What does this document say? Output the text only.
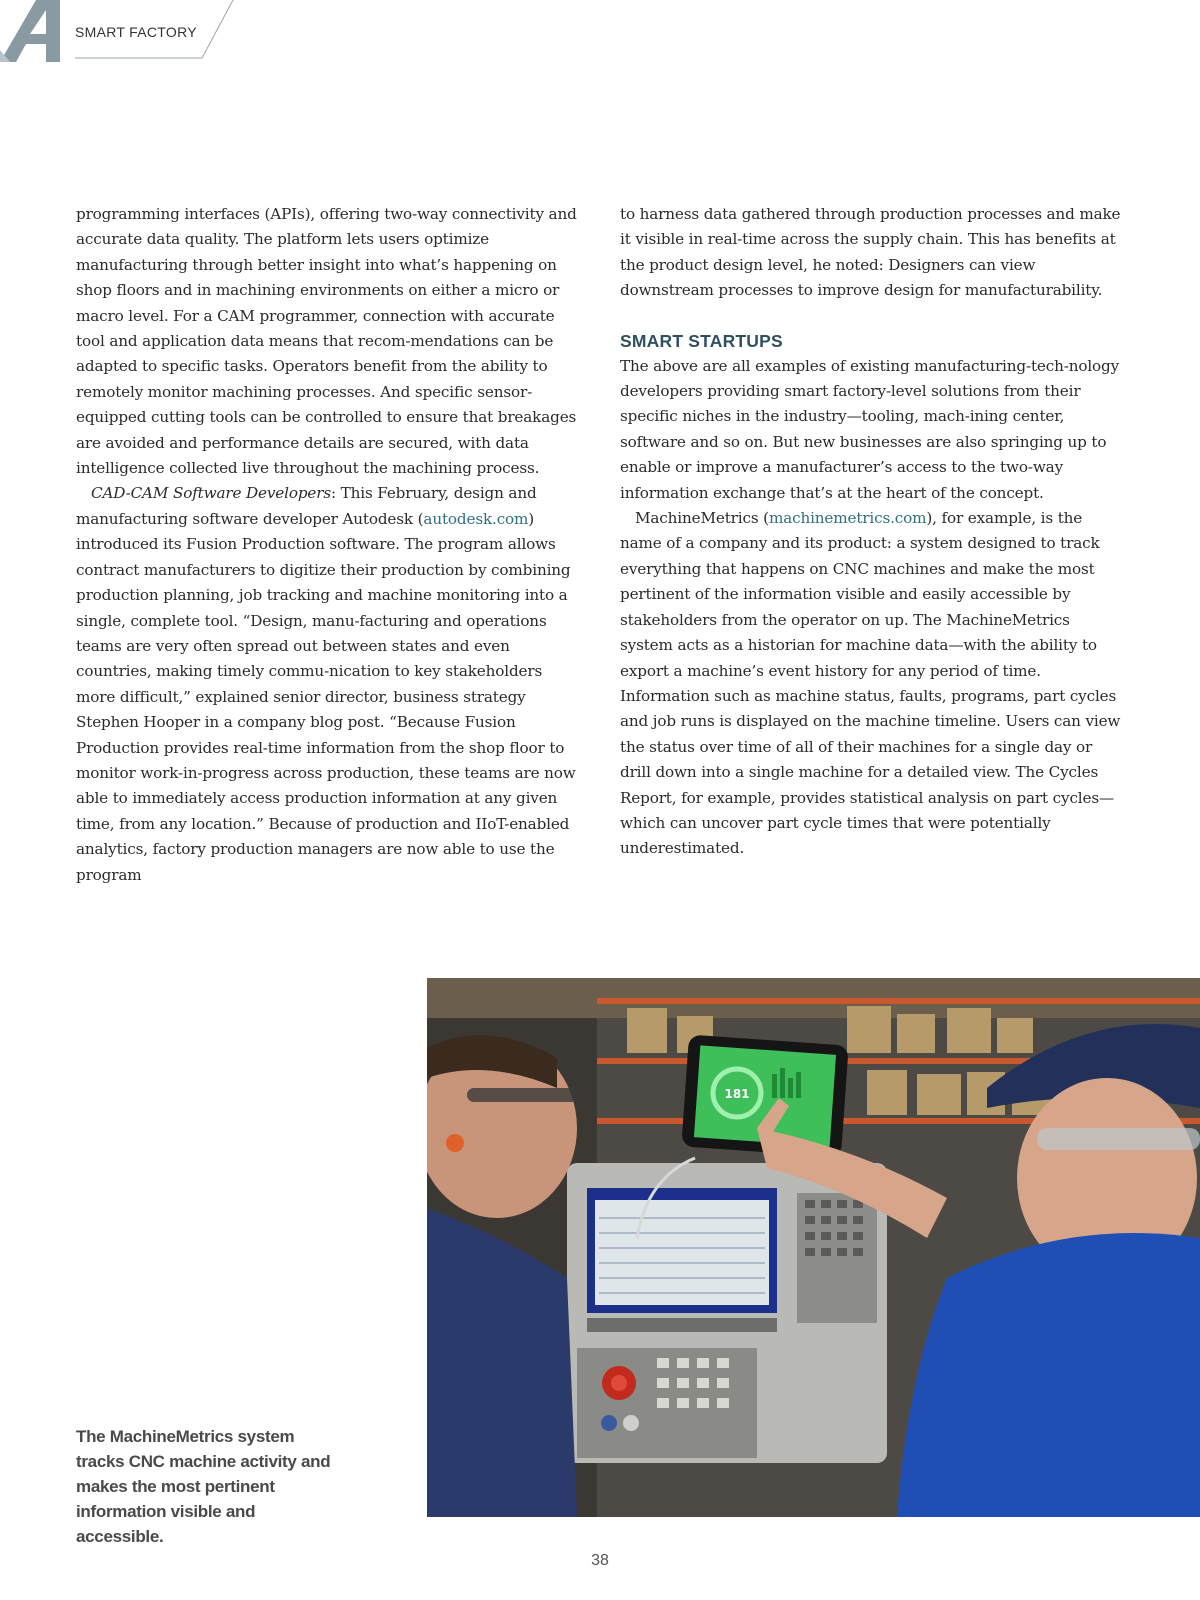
SMART FACTORY

programming interfaces (APIs), offering two-way connectivity and accurate data quality. The platform lets users optimize manufacturing through better insight into what’s happening on shop floors and in machining environments on either a micro or macro level. For a CAM programmer, connection with accurate tool and application data means that recom-mendations can be adapted to specific tasks. Operators benefit from the ability to remotely monitor machining processes. And specific sensor-equipped cutting tools can be controlled to ensure that breakages are avoided and performance details are secured, with data intelligence collected live throughout the machining process.

CAD-CAM Software Developers: This February, design and manufacturing software developer Autodesk (autodesk.com) introduced its Fusion Production software. The program allows contract manufacturers to digitize their production by combining production planning, job tracking and machine monitoring into a single, complete tool. “Design, manu-facturing and operations teams are very often spread out between states and even countries, making timely commu-nication to key stakeholders more difficult,” explained senior director, business strategy Stephen Hooper in a company blog post. “Because Fusion Production provides real-time information from the shop floor to monitor work-in-progress across production, these teams are now able to immediately access production information at any given time, from any location.” Because of production and IIoT-enabled analytics, factory production managers are now able to use the program

to harness data gathered through production processes and make it visible in real-time across the supply chain. This has benefits at the product design level, he noted: Designers can view downstream processes to improve design for manufacturability.

SMART STARTUPS

The above are all examples of existing manufacturing-tech-nology developers providing smart factory-level solutions from their specific niches in the industry—tooling, mach-ining center, software and so on. But new businesses are also springing up to enable or improve a manufacturer’s access to the two-way information exchange that’s at the heart of the concept.

MachineMetrics (machinemetrics.com), for example, is the name of a company and its product: a system designed to track everything that happens on CNC machines and make the most pertinent of the information visible and easily accessible by stakeholders from the operator on up. The MachineMetrics system acts as a historian for machine data—with the ability to export a machine’s event history for any period of time. Information such as machine status, faults, programs, part cycles and job runs is displayed on the machine timeline. Users can view the status over time of all of their machines for a single day or drill down into a single machine for a detailed view. The Cycles Report, for example, provides statistical analysis on part cycles—which can uncover part cycle times that were potentially underestimated.

181
The MachineMetrics system tracks CNC machine activity and makes the most pertinent information visible and accessible.
38
